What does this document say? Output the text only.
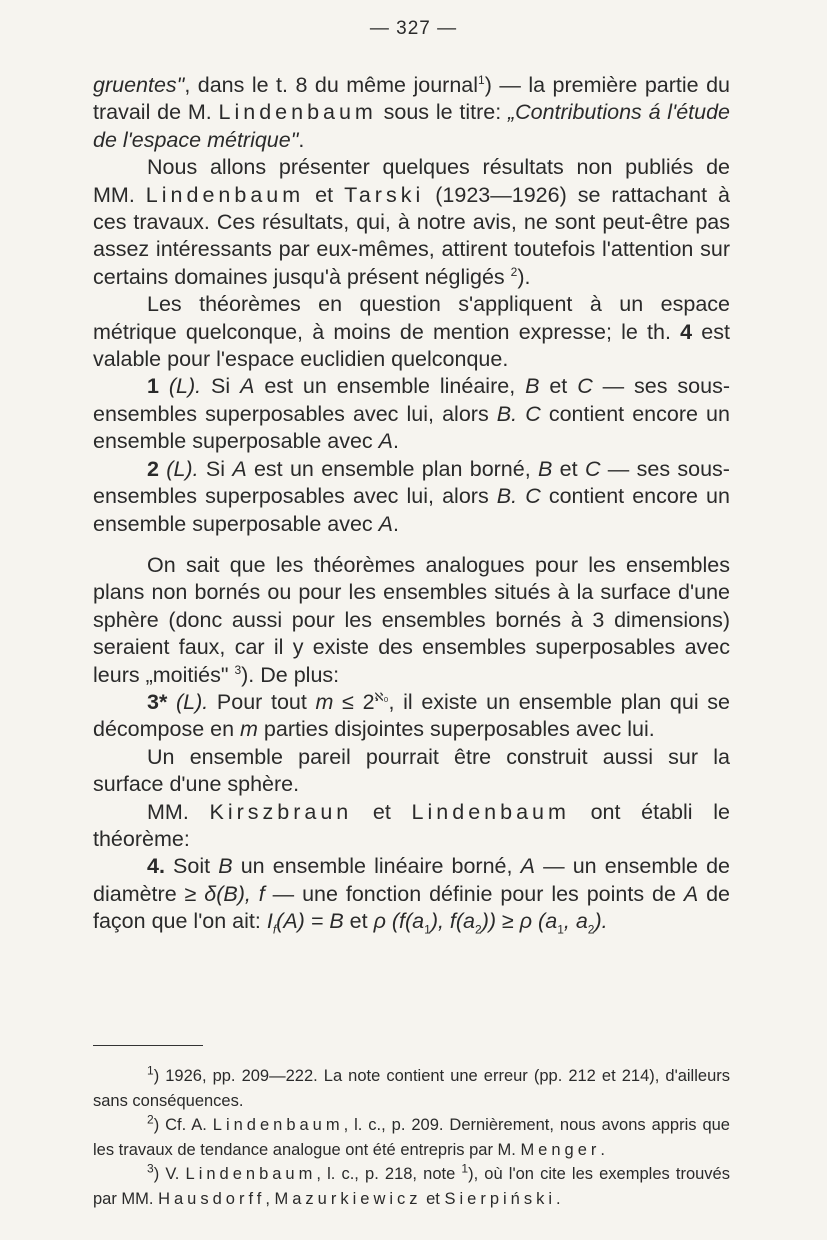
— 327 —

gruentes", dans le t. 8 du même journal$^1$) — la première partie du travail de M. Lindenbaum sous le titre: „Contributions á l'étude de l'espace métrique".

Nous allons présenter quelques résultats non publiés de MM. Lindenbaum et Tarski (1923—1926) se rattachant à ces travaux. Ces résultats, qui, à notre avis, ne sont peut-être pas assez intéressants par eux-mêmes, attirent toutefois l'attention sur certains domaines jusqu'à présent négligés $^2$).

Les théorèmes en question s'appliquent à un espace métrique quelconque, à moins de mention expresse; le th. 4 est valable pour l'espace euclidien quelconque.

1 (L). Si A est un ensemble linéaire, B et C — ses sous-ensembles superposables avec lui, alors B. C contient encore un ensemble superposable avec A.

2 (L). Si A est un ensemble plan borné, B et C — ses sous-ensembles superposables avec lui, alors B. C contient encore un ensemble superposable avec A.

On sait que les théorèmes analogues pour les ensembles plans non bornés ou pour les ensembles situés à la surface d'une sphère (donc aussi pour les ensembles bornés à 3 dimensions) seraient faux, car il y existe des ensembles superposables avec leurs „moitiés" $^3$). De plus:

3* (L). Pour tout $m \le 2^{ℵ_0}$, il existe un ensemble plan qui se décompose en m parties disjointes superposables avec lui.

Un ensemble pareil pourrait être construit aussi sur la surface d'une sphère.

MM. Kirszbraun et Lindenbaum ont établi le théorème:

4. Soit B un ensemble linéaire borné, A — un ensemble de diamètre ≥ δ(B), f — une fonction définie pour les points de A de façon que l'on ait: $I_f(A) = B$ et ρ ($f(a_1)$, $f(a_2)) \ge \rho$ ($a_1$, $a_2$).

$^1$) 1926, pp. 209—222. La note contient une erreur (pp. 212 et 214), d'ailleurs sans conséquences.

$^2$) Cf. A. Lindenbaum, l. c., p. 209. Dernièrement, nous avons appris que les travaux de tendance analogue ont été entrepris par M. Menger.

$^3$) V. Lindenbaum, l. c., p. 218, note $^1$), où l'on cite les exemples trouvés par MM. Hausdorff, Mazurkiewicz et Sierpiński.
